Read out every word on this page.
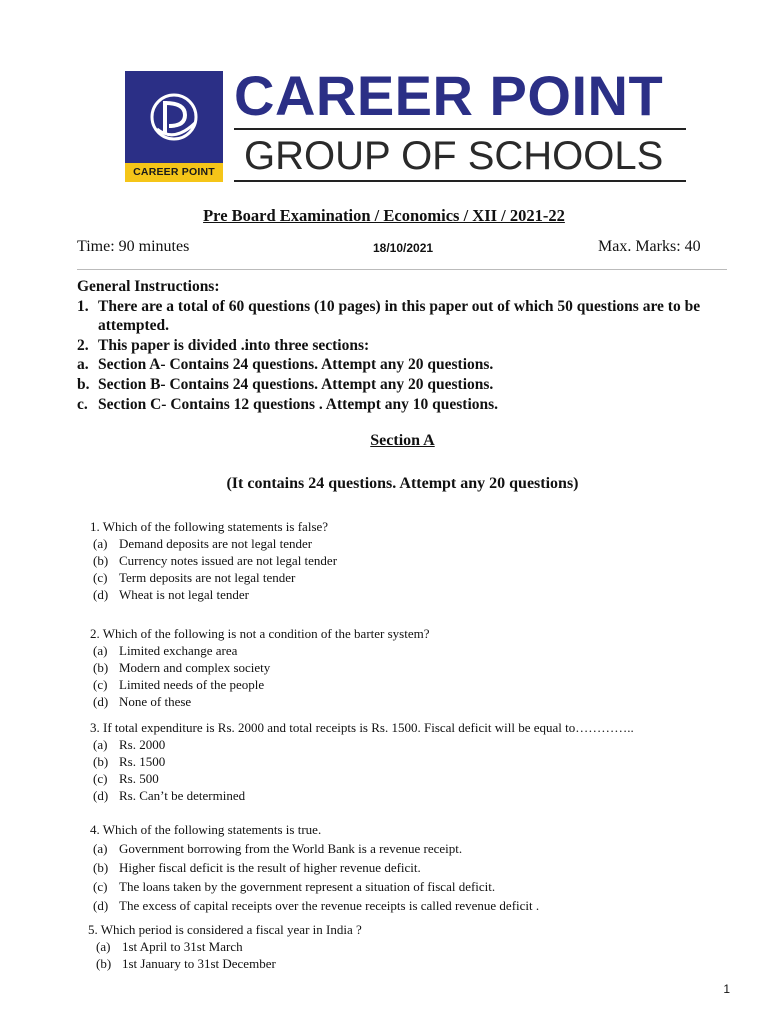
CAREER POINT
CAREER POINT
GROUP OF SCHOOLS
Pre Board Examination / Economics / XII / 2021-22
Time: 90 minutes	18/10/2021	Max. Marks: 40
General Instructions:
1. There are a total of 60 questions (10 pages) in this paper out of which 50 questions are to be attempted.
2. This paper is divided .into three sections:
a. Section A- Contains 24 questions. Attempt any 20 questions.
b. Section B- Contains 24 questions. Attempt any 20 questions.
c. Section C- Contains 12 questions . Attempt any 10 questions.
Section A
(It contains 24 questions. Attempt any 20 questions)
1. Which of the following statements is false?
(a) Demand deposits are not legal tender
(b) Currency notes issued are not legal tender
(c) Term deposits are not legal tender
(d) Wheat is not legal tender
2. Which of the following is not a condition of the barter system?
(a) Limited exchange area
(b) Modern and complex society
(c) Limited needs of the people
(d) None of these
3. If total expenditure is Rs. 2000 and total receipts is Rs. 1500. Fiscal deficit will be equal to…………..
(a) Rs. 2000
(b) Rs. 1500
(c) Rs. 500
(d) Rs. Can’t be determined
4. Which of the following statements is true.
(a) Government borrowing from the World Bank is a revenue receipt.
(b) Higher fiscal deficit is the result of higher revenue deficit.
(c) The loans taken by the government represent a situation of fiscal deficit.
(d) The excess of capital receipts over the revenue receipts is called revenue deficit .
5. Which period is considered a fiscal year in India ?
(a) 1st April to 31st March
(b) 1st January to 31st December
1
